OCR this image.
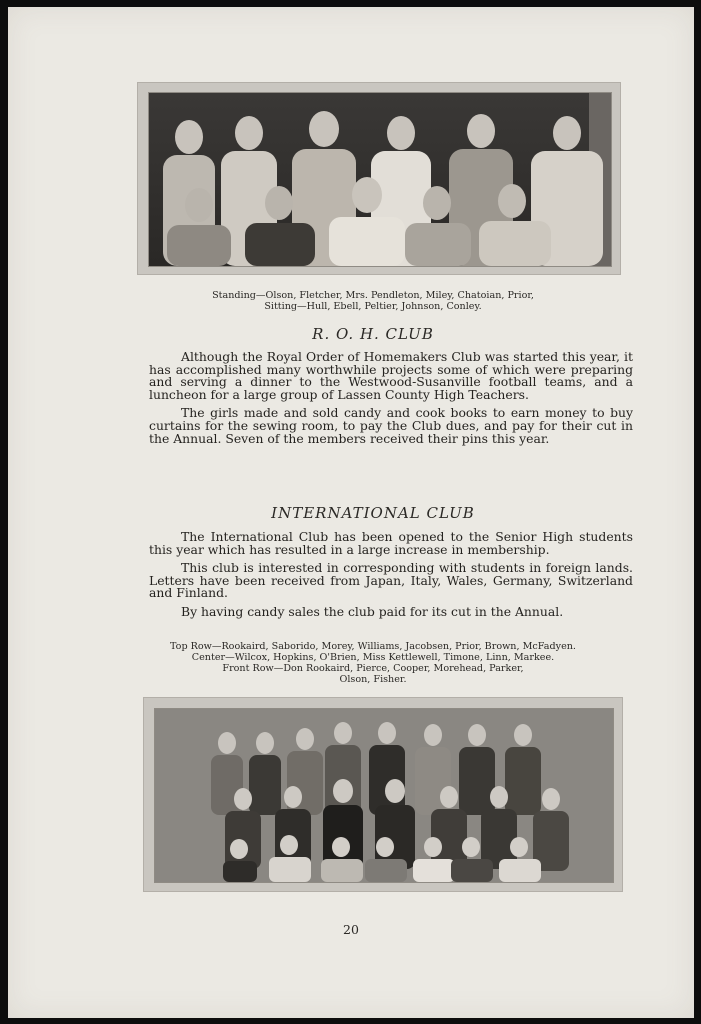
Standing—Olson, Fletcher, Mrs. Pendleton, Miley, Chatoian, Prior,
Sitting—Hull, Ebell, Peltier, Johnson, Conley.
R. O. H. CLUB

Although the Royal Order of Homemakers Club was started this year, it has accomplished many worthwhile projects some of which were preparing and serving a dinner to the Westwood-Susanville football teams, and a luncheon for a large group of Lassen County High Teachers.

The girls made and sold candy and cook books to earn money to buy curtains for the sewing room, to pay the Club dues, and pay for their cut in the Annual. Seven of the members received their pins this year.

INTERNATIONAL CLUB

The International Club has been opened to the Senior High students this year which has resulted in a large increase in membership.

This club is interested in corresponding with students in foreign lands. Letters have been received from Japan, Italy, Wales, Germany, Switzerland and Finland.

By having candy sales the club paid for its cut in the Annual.

Top Row—Rookaird, Saborido, Morey, Williams, Jacobsen, Prior, Brown, McFadyen.
Center—Wilcox, Hopkins, O'Brien, Miss Kettlewell, Timone, Linn, Markee.
Front Row—Don Rookaird, Pierce, Cooper, Morehead, Parker,
Olson, Fisher.
20
